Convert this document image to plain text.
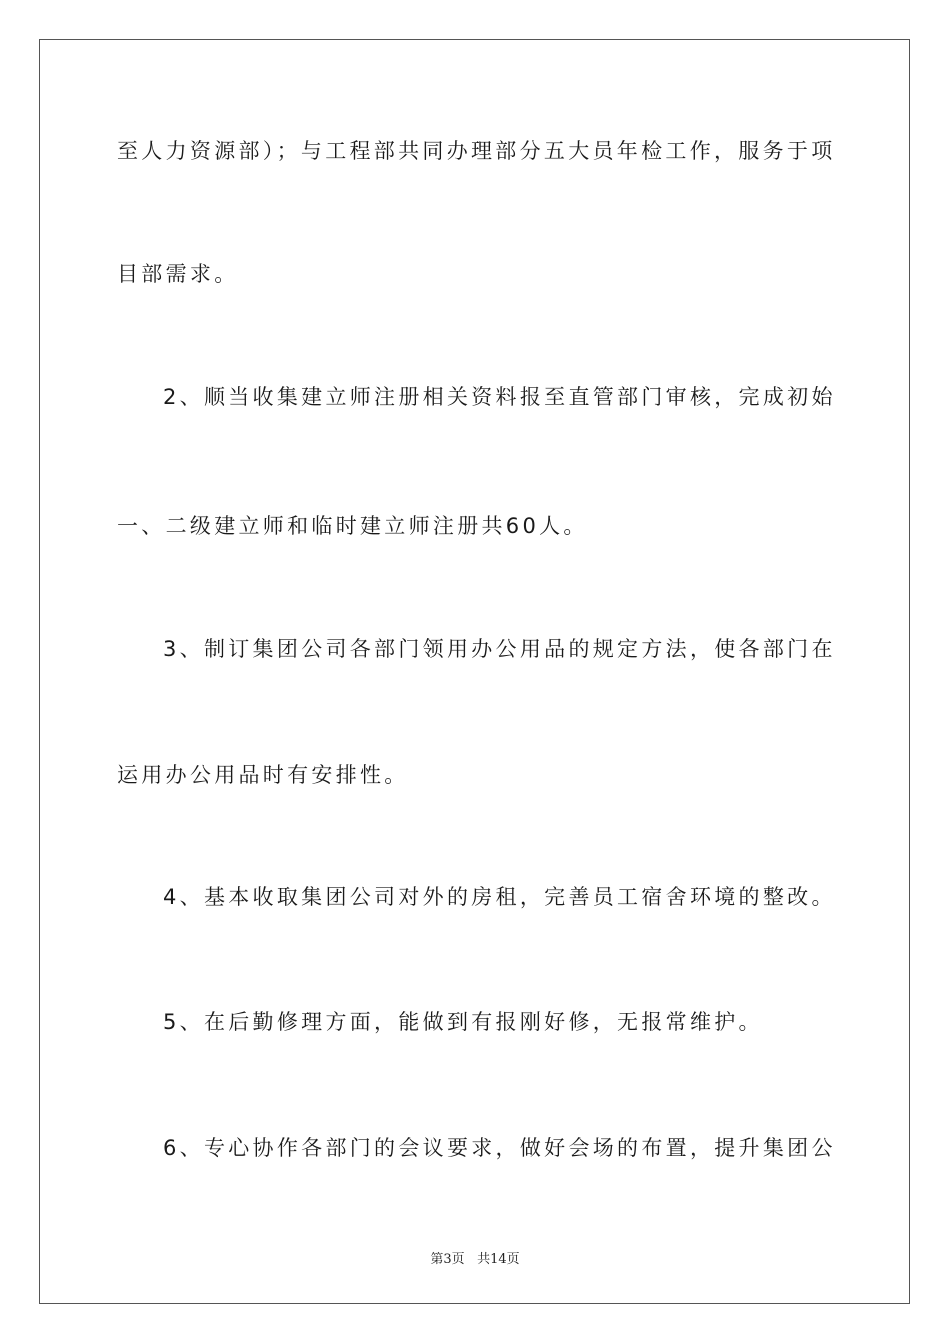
至人力资源部）；与工程部共同办理部分五大员年检工作，服务于项
目部需求。
2、顺当收集建立师注册相关资料报至直管部门审核，完成初始
一、二级建立师和临时建立师注册共60人。
3、制订集团公司各部门领用办公用品的规定方法，使各部门在
运用办公用品时有安排性。
4、基本收取集团公司对外的房租，完善员工宿舍环境的整改。
5、在后勤修理方面，能做到有报刚好修，无报常维护。
6、专心协作各部门的会议要求，做好会场的布置，提升集团公
第3页 共14页
